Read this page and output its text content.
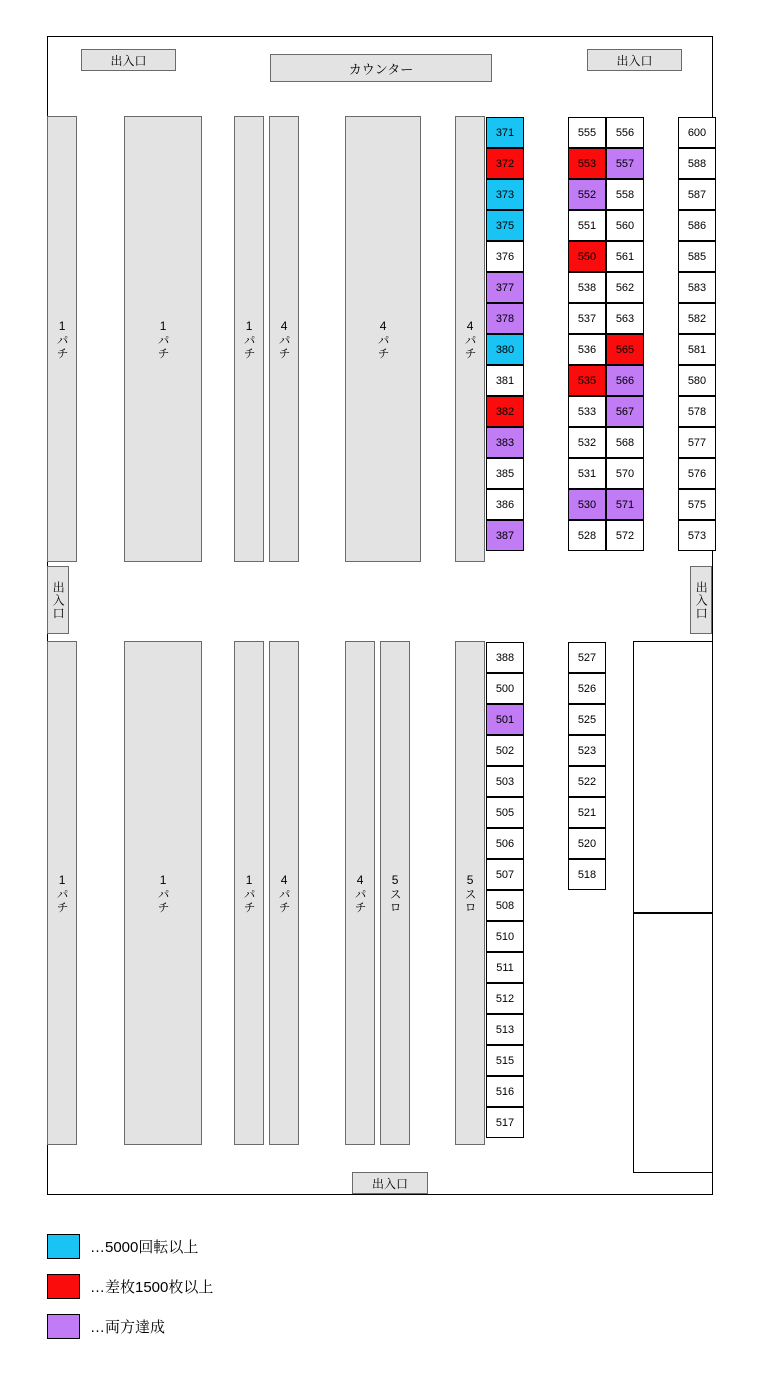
1パチ	1パチ	1パチ 4パチ	4パチ	4パチ
1パチ	1パチ	1パチ 4パチ	4パチ 5スロ	5スロ
カウンター
出入口	出入口
出入口	出入口
出入口
371
372
373
375
376
377
378
380
381
382
383
385
386
387
555
553
552
551
550
538
537
536
535
533
532
531
530
528
556
557
558
560
561
562
563
565
566
567
568
570
571
572
600
588
587
586
585
583
582
581
580
578
577
576
575
573
388
500
501
502
503
505
506
507
508
510
511
512
513
515
516
517
527
526
525
523
522
521
520
518
…5000回転以上
…差枚1500枚以上
…両方達成
